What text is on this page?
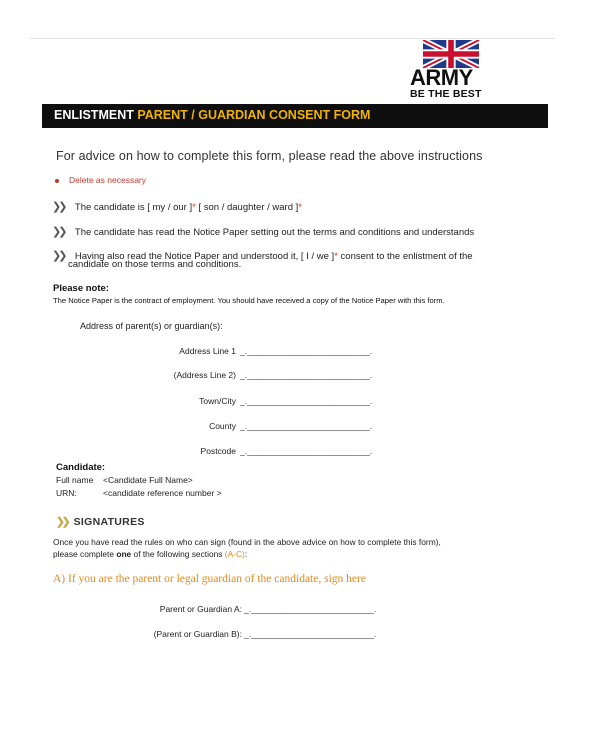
ARMY
BE THE BEST
ENLISTMENT PARENT / GUARDIAN CONSENT FORM
For advice on how to complete this form, please read the above instructions
Delete as necessary
❯❯ The candidate is [ my / our ]* [ son / daughter / ward ]*
❯❯ The candidate has read the Notice Paper setting out the terms and conditions and understands
❯❯ Having also read the Notice Paper and understood it, [ I / we ]* consent to the enlistment of the
candidate on those terms and conditions.
Please note:
The Notice Paper is the contract of employment. You should have received a copy of the Notice Paper with this form.
Address of parent(s) or guardian(s):
Address Line 1 _.__________________________.
(Address Line 2) _.__________________________.
Town/City _.__________________________.
County _.__________________________.
Postcode _.__________________________.
Candidate:
Full name <Candidate Full Name>
URN:	<candidate reference number >
❯❯ SIGNATURES
Once you have read the rules on who can sign (found in the above advice on how to complete this form),
please complete one of the following sections (A-C):
A) If you are the parent or legal guardian of the candidate, sign here
Parent or Guardian A: _.__________________________.
(Parent or Guardian B): _.__________________________.
